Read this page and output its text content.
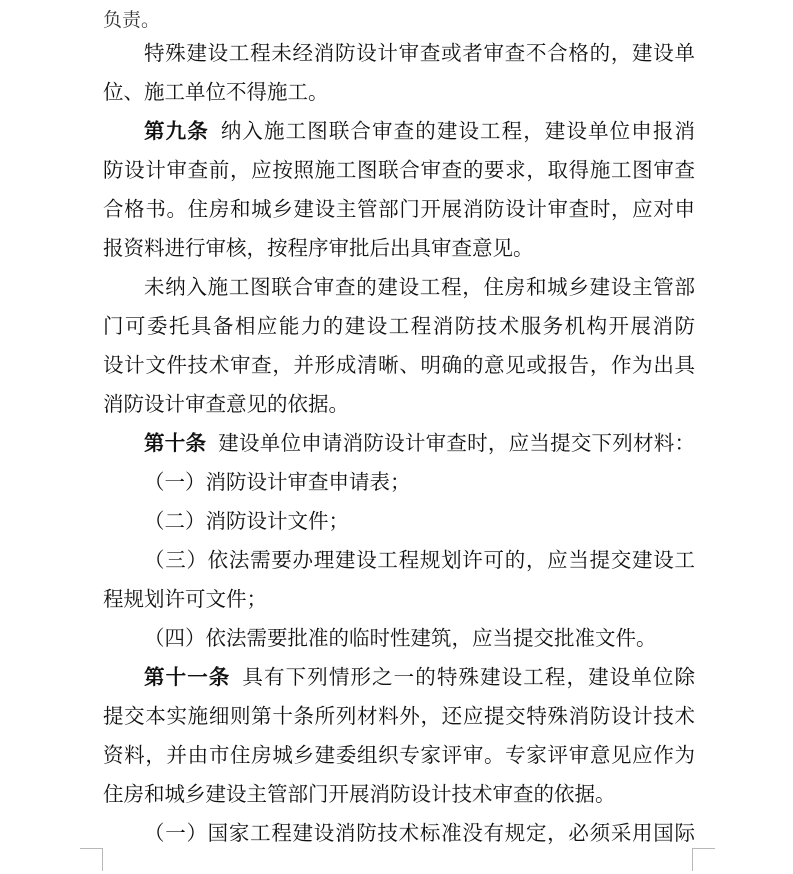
负责。
特殊建设工程未经消防设计审查或者审查不合格的，建设单
位、施工单位不得施工。
第九条 纳入施工图联合审查的建设工程，建设单位申报消
防设计审查前，应按照施工图联合审查的要求，取得施工图审查
合格书。住房和城乡建设主管部门开展消防设计审查时，应对申
报资料进行审核，按程序审批后出具审查意见。
未纳入施工图联合审查的建设工程，住房和城乡建设主管部
门可委托具备相应能力的建设工程消防技术服务机构开展消防
设计文件技术审查，并形成清晰、明确的意见或报告，作为出具
消防设计审查意见的依据。
第十条 建设单位申请消防设计审查时，应当提交下列材料：
（一）消防设计审查申请表；
（二）消防设计文件；
（三）依法需要办理建设工程规划许可的，应当提交建设工
程规划许可文件；
（四）依法需要批准的临时性建筑，应当提交批准文件。
第十一条 具有下列情形之一的特殊建设工程，建设单位除
提交本实施细则第十条所列材料外，还应提交特殊消防设计技术
资料，并由市住房城乡建委组织专家评审。专家评审意见应作为
住房和城乡建设主管部门开展消防设计技术审查的依据。
（一）国家工程建设消防技术标准没有规定，必须采用国际
